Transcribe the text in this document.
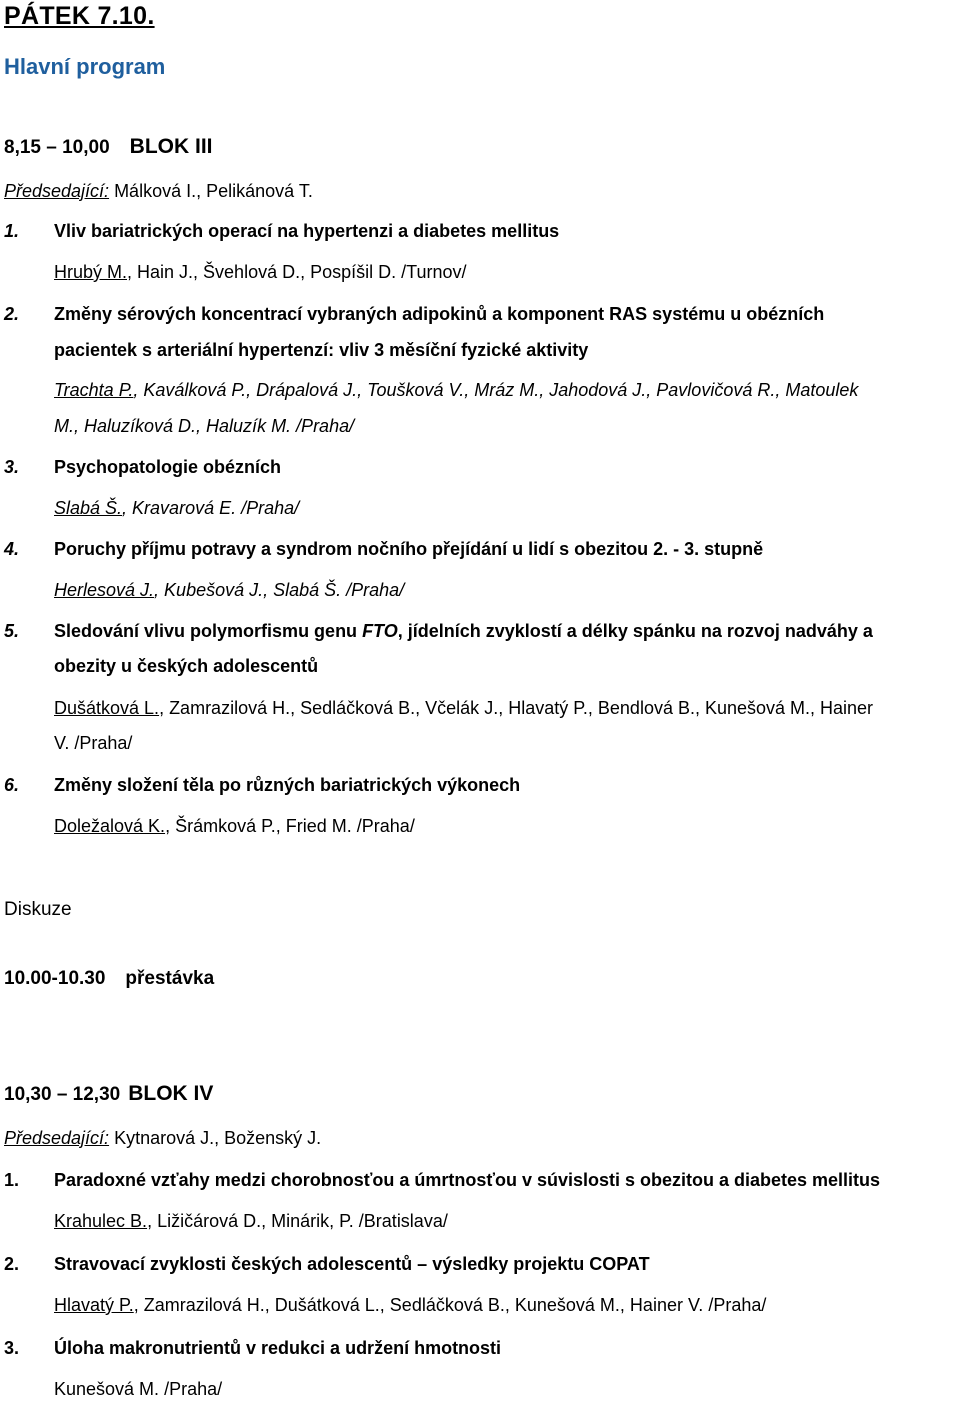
PÁTEK 7.10.
Hlavní program
8,15 – 10,00 BLOK III
Předsedající: Málková I., Pelikánová T.
1. Vliv bariatrických operací na hypertenzi a diabetes mellitus
Hrubý M., Hain J., Švehlová D., Pospíšil D. /Turnov/
2. Změny sérových koncentrací vybraných adipokinů a komponent RAS systému u obézních
pacientek s arteriální hypertenzí: vliv 3 měsíční fyzické aktivity
Trachta P., Kaválková P., Drápalová J., Toušková V., Mráz M., Jahodová J., Pavlovičová R., Matoulek
M., Haluzíková D., Haluzík M. /Praha/
3. Psychopatologie obézních
Slabá Š., Kravarová E. /Praha/
4. Poruchy příjmu potravy a syndrom nočního přejídání u lidí s obezitou 2. - 3. stupně
Herlesová J., Kubešová J., Slabá Š. /Praha/
5. Sledování vlivu polymorfismu genu FTO, jídelních zvyklostí a délky spánku na rozvoj nadváhy a
obezity u českých adolescentů
Dušátková L., Zamrazilová H., Sedláčková B., Včelák J., Hlavatý P., Bendlová B., Kunešová M., Hainer
V. /Praha/
6. Změny složení těla po různých bariatrických výkonech
Doležalová K., Šrámková P., Fried M. /Praha/
Diskuze
10.00-10.30 přestávka
10,30 – 12,30 BLOK IV
Předsedající: Kytnarová J., Boženský J.
1. Paradoxné vzťahy medzi chorobnosťou a úmrtnosťou v súvislosti s obezitou a diabetes mellitus
Krahulec B., Ližičárová D., Minárik, P. /Bratislava/
2. Stravovací zvyklosti českých adolescentů – výsledky projektu COPAT
Hlavatý P., Zamrazilová H., Dušátková L., Sedláčková B., Kunešová M., Hainer V. /Praha/
3. Úloha makronutrientů v redukci a udržení hmotnosti
Kunešová M. /Praha/
